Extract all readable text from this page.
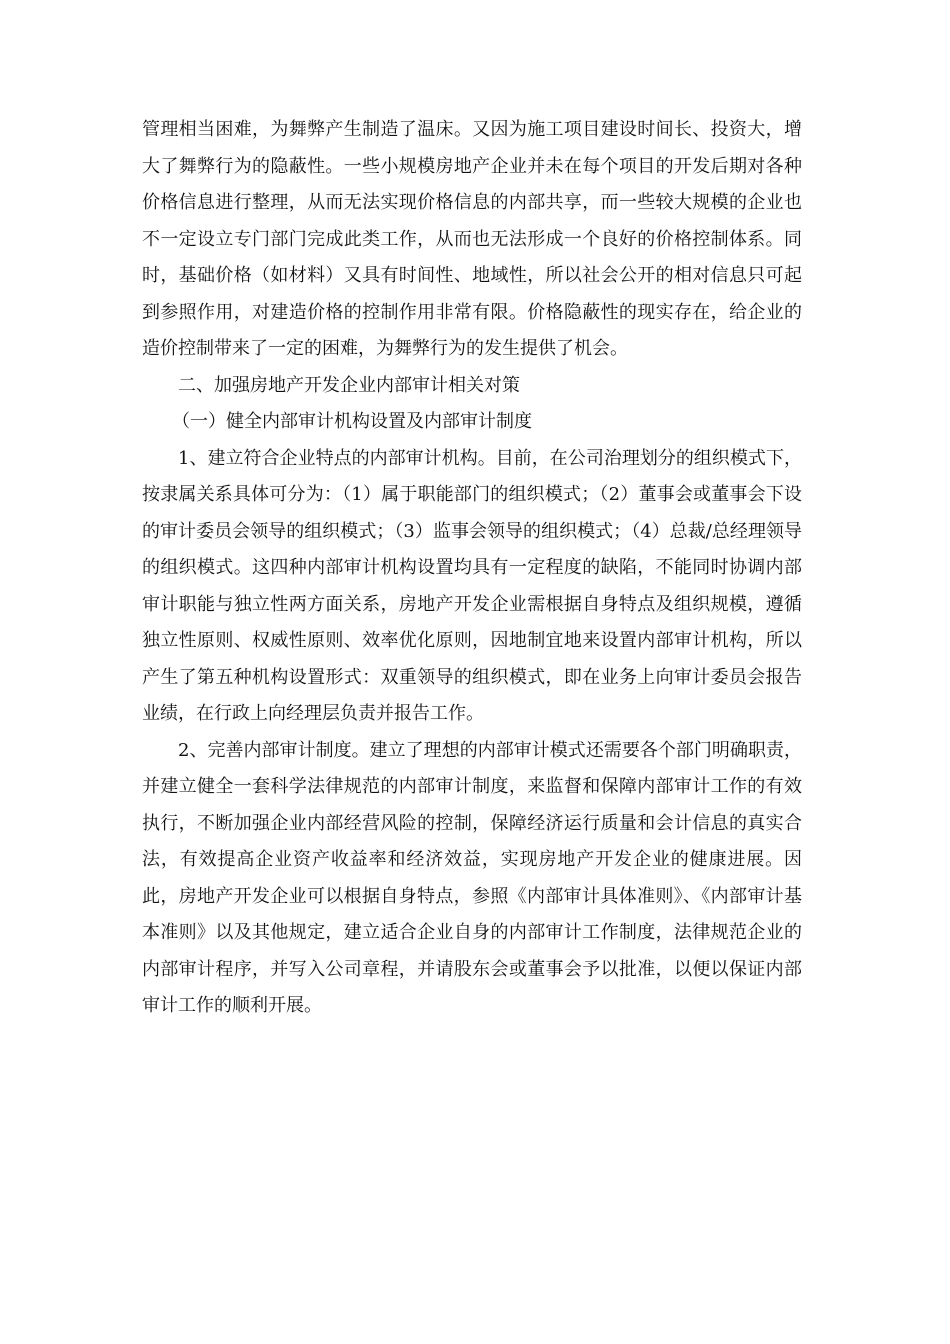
管理相当困难，为舞弊产生制造了温床。又因为施工项目建设时间长、投资大，增大了舞弊行为的隐蔽性。一些小规模房地产企业并未在每个项目的开发后期对各种价格信息进行整理，从而无法实现价格信息的内部共享，而一些较大规模的企业也不一定设立专门部门完成此类工作，从而也无法形成一个良好的价格控制体系。同时，基础价格（如材料）又具有时间性、地域性，所以社会公开的相对信息只可起到参照作用，对建造价格的控制作用非常有限。价格隐蔽性的现实存在，给企业的造价控制带来了一定的困难，为舞弊行为的发生提供了机会。

二、加强房地产开发企业内部审计相关对策

（一）健全内部审计机构设置及内部审计制度

1、建立符合企业特点的内部审计机构。目前，在公司治理划分的组织模式下，按隶属关系具体可分为：（1）属于职能部门的组织模式；（2）董事会或董事会下设的审计委员会领导的组织模式；（3）监事会领导的组织模式；（4）总裁/总经理领导的组织模式。这四种内部审计机构设置均具有一定程度的缺陷，不能同时协调内部审计职能与独立性两方面关系，房地产开发企业需根据自身特点及组织规模，遵循独立性原则、权威性原则、效率优化原则，因地制宜地来设置内部审计机构，所以产生了第五种机构设置形式：双重领导的组织模式，即在业务上向审计委员会报告业绩，在行政上向经理层负责并报告工作。

2、完善内部审计制度。建立了理想的内部审计模式还需要各个部门明确职责，并建立健全一套科学法律规范的内部审计制度，来监督和保障内部审计工作的有效执行，不断加强企业内部经营风险的控制，保障经济运行质量和会计信息的真实合法，有效提高企业资产收益率和经济效益，实现房地产开发企业的健康进展。因此，房地产开发企业可以根据自身特点，参照《内部审计具体准则》、《内部审计基本准则》以及其他规定，建立适合企业自身的内部审计工作制度，法律规范企业的内部审计程序，并写入公司章程，并请股东会或董事会予以批准，以便以保证内部审计工作的顺利开展。
